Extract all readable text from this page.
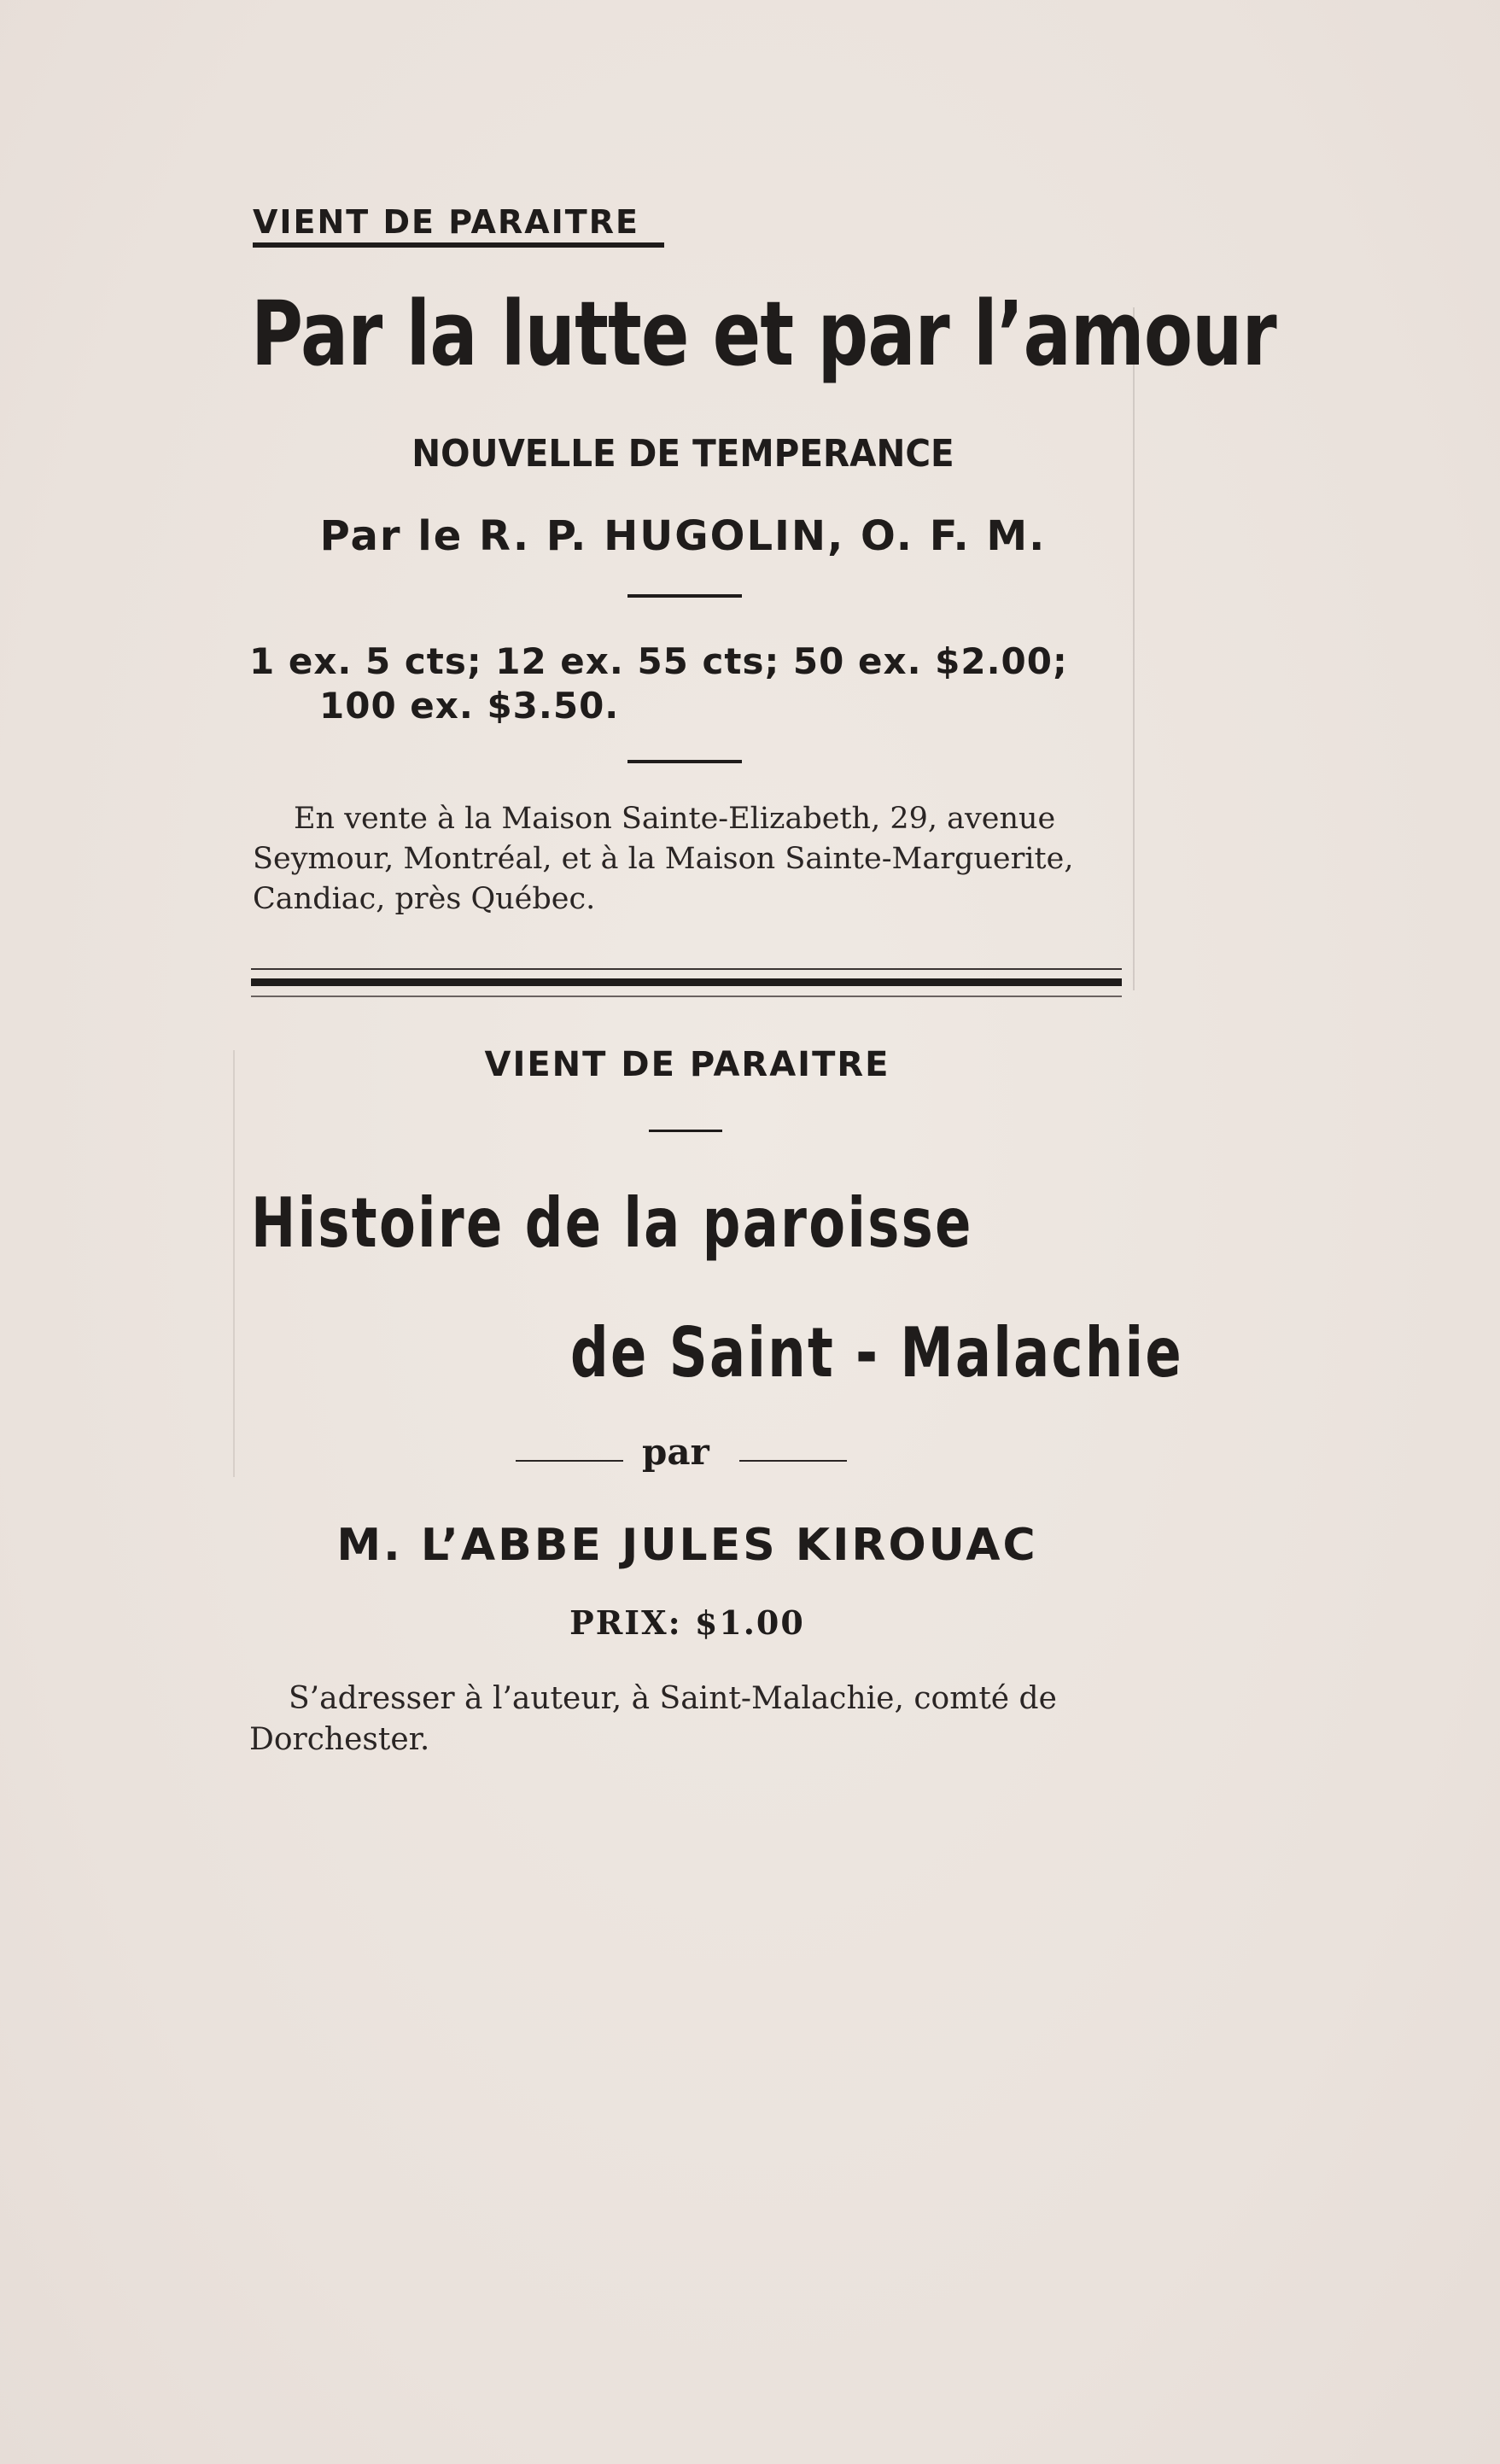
VIENT DE PARAITRE
Par la lutte et par l’amour
NOUVELLE DE TEMPERANCE
Par le R. P. HUGOLIN, O. F. M.
1 ex. 5 cts; 12 ex. 55 cts; 50 ex. $2.00;
100 ex. $3.50.
En vente à la Maison Sainte-Elizabeth, 29, avenue
Seymour, Montréal, et à la Maison Sainte-Marguerite,
Candiac, près Québec.
VIENT DE PARAITRE
Histoire de la paroisse
de Saint - Malachie
par
M. L’ABBE JULES KIROUAC
PRIX: $1.00
S’adresser à l’auteur, à Saint-Malachie, comté de
Dorchester.
